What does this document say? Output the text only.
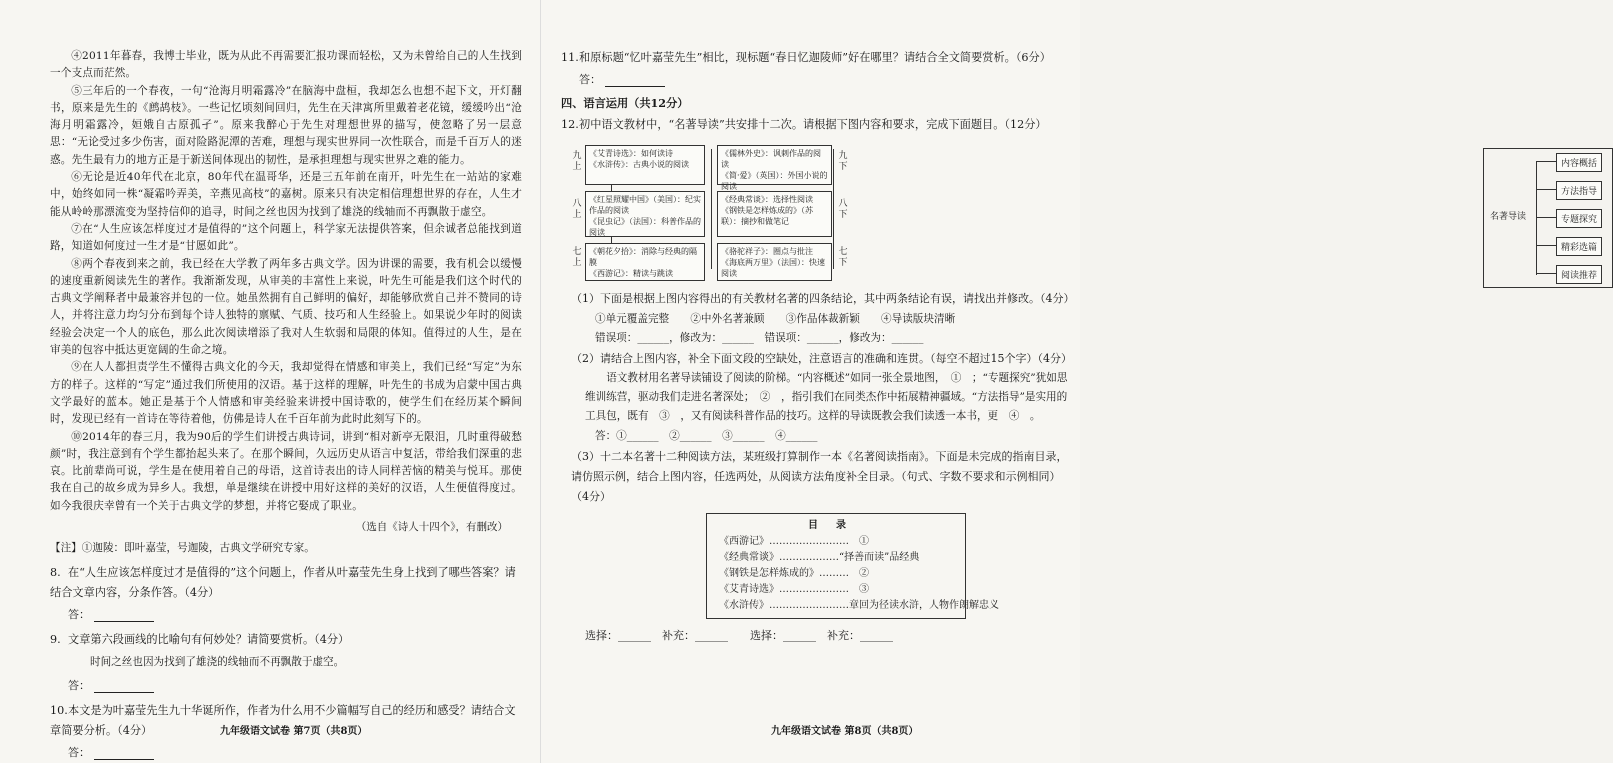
④2011年暮春，我博士毕业，既为从此不再需要汇报功课而轻松，又为未曾给自己的人生找到一个支点而茫然。

⑤三年后的一个春夜，一句“沧海月明霜露冷”在脑海中盘桓，我却怎么也想不起下文，开灯翻书，原来是先生的《鹧鸪枝》。一些记忆顷刻间回归，先生在天津寓所里戴着老花镜，缓缓吟出“沧海月明霜露冷，姮娥自古原孤孑”。原来我醉心于先生对理想世界的描写，使忽略了另一层意思：“无论受过多少伤害，面对险路泥潭的苦难，理想与现实世界同一次性联合，而是千百万人的迷惑。先生最有力的地方正是于新送间体现出的韧性，是承担理想与现实世界之难的能力。

⑥无论是近40年代在北京，80年代在温哥华，还是三五年前在南开，叶先生在一站站的家难中，始终如同一株“凝霜吟弄美，辛燕见高枝”的嘉树。原来只有决定相信理想世界的存在，人生才能从岭岭那漂流变为坚持信仰的追寻，时间之丝也因为找到了雄浇的线轴而不再飘散于虚空。

⑦在“人生应该怎样度过才是值得的”这个问题上，科学家无法提供答案，但余诚者总能找到道路，知道如何度过一生才是“甘愿如此”。

⑧两个春夜到来之前，我已经在大学教了两年多古典文学。因为讲课的需要，我有机会以缓慢的速度重新阅读先生的著作。我渐渐发现，从审美的丰富性上来说，叶先生可能是我们这个时代的古典文学阐释者中最兼容并包的一位。她虽然拥有自己鲜明的偏好，却能够欣赏自己并不赞同的诗人，并将注意力均匀分布到每个诗人独特的禀赋、气质、技巧和人生经验上。如果说少年时的阅读经验会决定一个人的底色，那么此次阅读增添了我对人生软弱和局限的体知。值得过的人生，是在审美的包容中抵达更宽阔的生命之境。

⑨在人人都担责学生不懂得古典文化的今天，我却觉得在情感和审美上，我们已经“写定”为东方的样子。这样的“写定”通过我们所使用的汉语。基于这样的理解，叶先生的书成为启蒙中国古典文学最好的蓝本。她正是基于个人情感和审美经验来讲授中国诗歌的，使学生们在经历某个瞬间时，发现已经有一首诗在等待着他，仿佛是诗人在千百年前为此时此刻写下的。

⑩2014年的春三月，我为90后的学生们讲授古典诗词，讲到“相对新亭无限泪，几时重得破愁颜”时，我注意到有个学生都抬起头来了。在那个瞬间，久远历史从语言中复活，带给我们深重的悲哀。比前辈尚可说，学生是在使用着自己的母语，这首诗表出的诗人同样苦恼的精美与悦耳。那使我在自己的故乡成为异乡人。我想，单是继续在讲授中用好这样的美好的汉语，人生便值得度过。如今我很庆幸曾有一个关于古典文学的梦想，并将它娶成了职业。

（选自《诗人十四个》，有删改）

【注】①迦陵：即叶嘉莹，号迦陵，古典文学研究专家。

8. 在“人生应该怎样度过才是值得的”这个问题上，作者从叶嘉莹先生身上找到了哪些答案？请结合文章内容，分条作答。（4分）
答：
9. 文章第六段画线的比喻句有何妙处？请简要赏析。（4分）

时间之丝也因为找到了雄浇的线轴而不再飘散于虚空。

答：
10.本文是为叶嘉莹先生九十华诞所作，作者为什么用不少篇幅写自己的经历和感受？请结合文章简要分析。（4分）
答：
九年级语文试卷 第7页（共8页）
11.和原标题“忆叶嘉莹先生”相比，现标题“春日忆迦陵师”好在哪里？请结合全文简要赏析。（6分）
答：
四、语言运用（共12分）
12.初中语文教材中，“名著导读”共安排十二次。请根据下图内容和要求，完成下面题目。（12分）
九上
八上
七上
《艾青诗选》：如何读诗
《水浒传》：古典小说的阅读
《红星照耀中国》（美国）：纪实作品的阅读
《昆虫记》（法国）：科普作品的阅读
《朝花夕拾》：消除与经典的隔膜
《西游记》：精读与跳读
《儒林外史》：讽刺作品的阅读
《简·爱》（英国）：外国小说的阅读
《经典常谈》：选择性阅读
《钢铁是怎样炼成的》（苏联）：摘抄和做笔记
《骆驼祥子》：圈点与批注
《海底两万里》（法国）：快速阅读
九下
八下
七下
名著导读
内容概括
方法指导
专题探究
精彩选篇
阅读推荐
（1）下面是根据上图内容得出的有关教材名著的四条结论，其中两条结论有误，请找出并修改。（4分）
①单元覆盖完整　　②中外名著兼顾　　③作品体裁新颖　　④导读版块清晰
错误项：______，修改为：______　错误项：______，修改为：______
（2）请结合上图内容，补全下面文段的空缺处，注意语言的准确和连贯。（每空不超过15个字）（4分）

语文教材用名著导读铺设了阅读的阶梯。“内容概述”如同一张全景地图，　①　；“专题探究”犹如思维训练营，驱动我们走进名著深处；　②　，指引我们在同类杰作中拓展精神疆域。“方法指导”是实用的工具包，既有　③　，又有阅读科普作品的技巧。这样的导读既教会我们读透一本书，更　④　。

答：①______　②______　③______　④______
（3）十二本名著十二种阅读方法，某班级打算制作一本《名著阅读指南》。下面是未完成的指南目录，请仿照示例，结合上图内容，任选两处，从阅读方法角度补全目录。（句式、字数不要求和示例相同）（4分）
目录
《西游记》……………………　①
《经典常谈》………………“择善而读”品经典
《钢铁是怎样炼成的》………　②
《艾青诗选》…………………　③
《水浒传》……………………章回为径读水浒，人物作朗解忠义
选择：______　补充：______　　选择：______　补充：______
九年级语文试卷 第8页（共8页）
